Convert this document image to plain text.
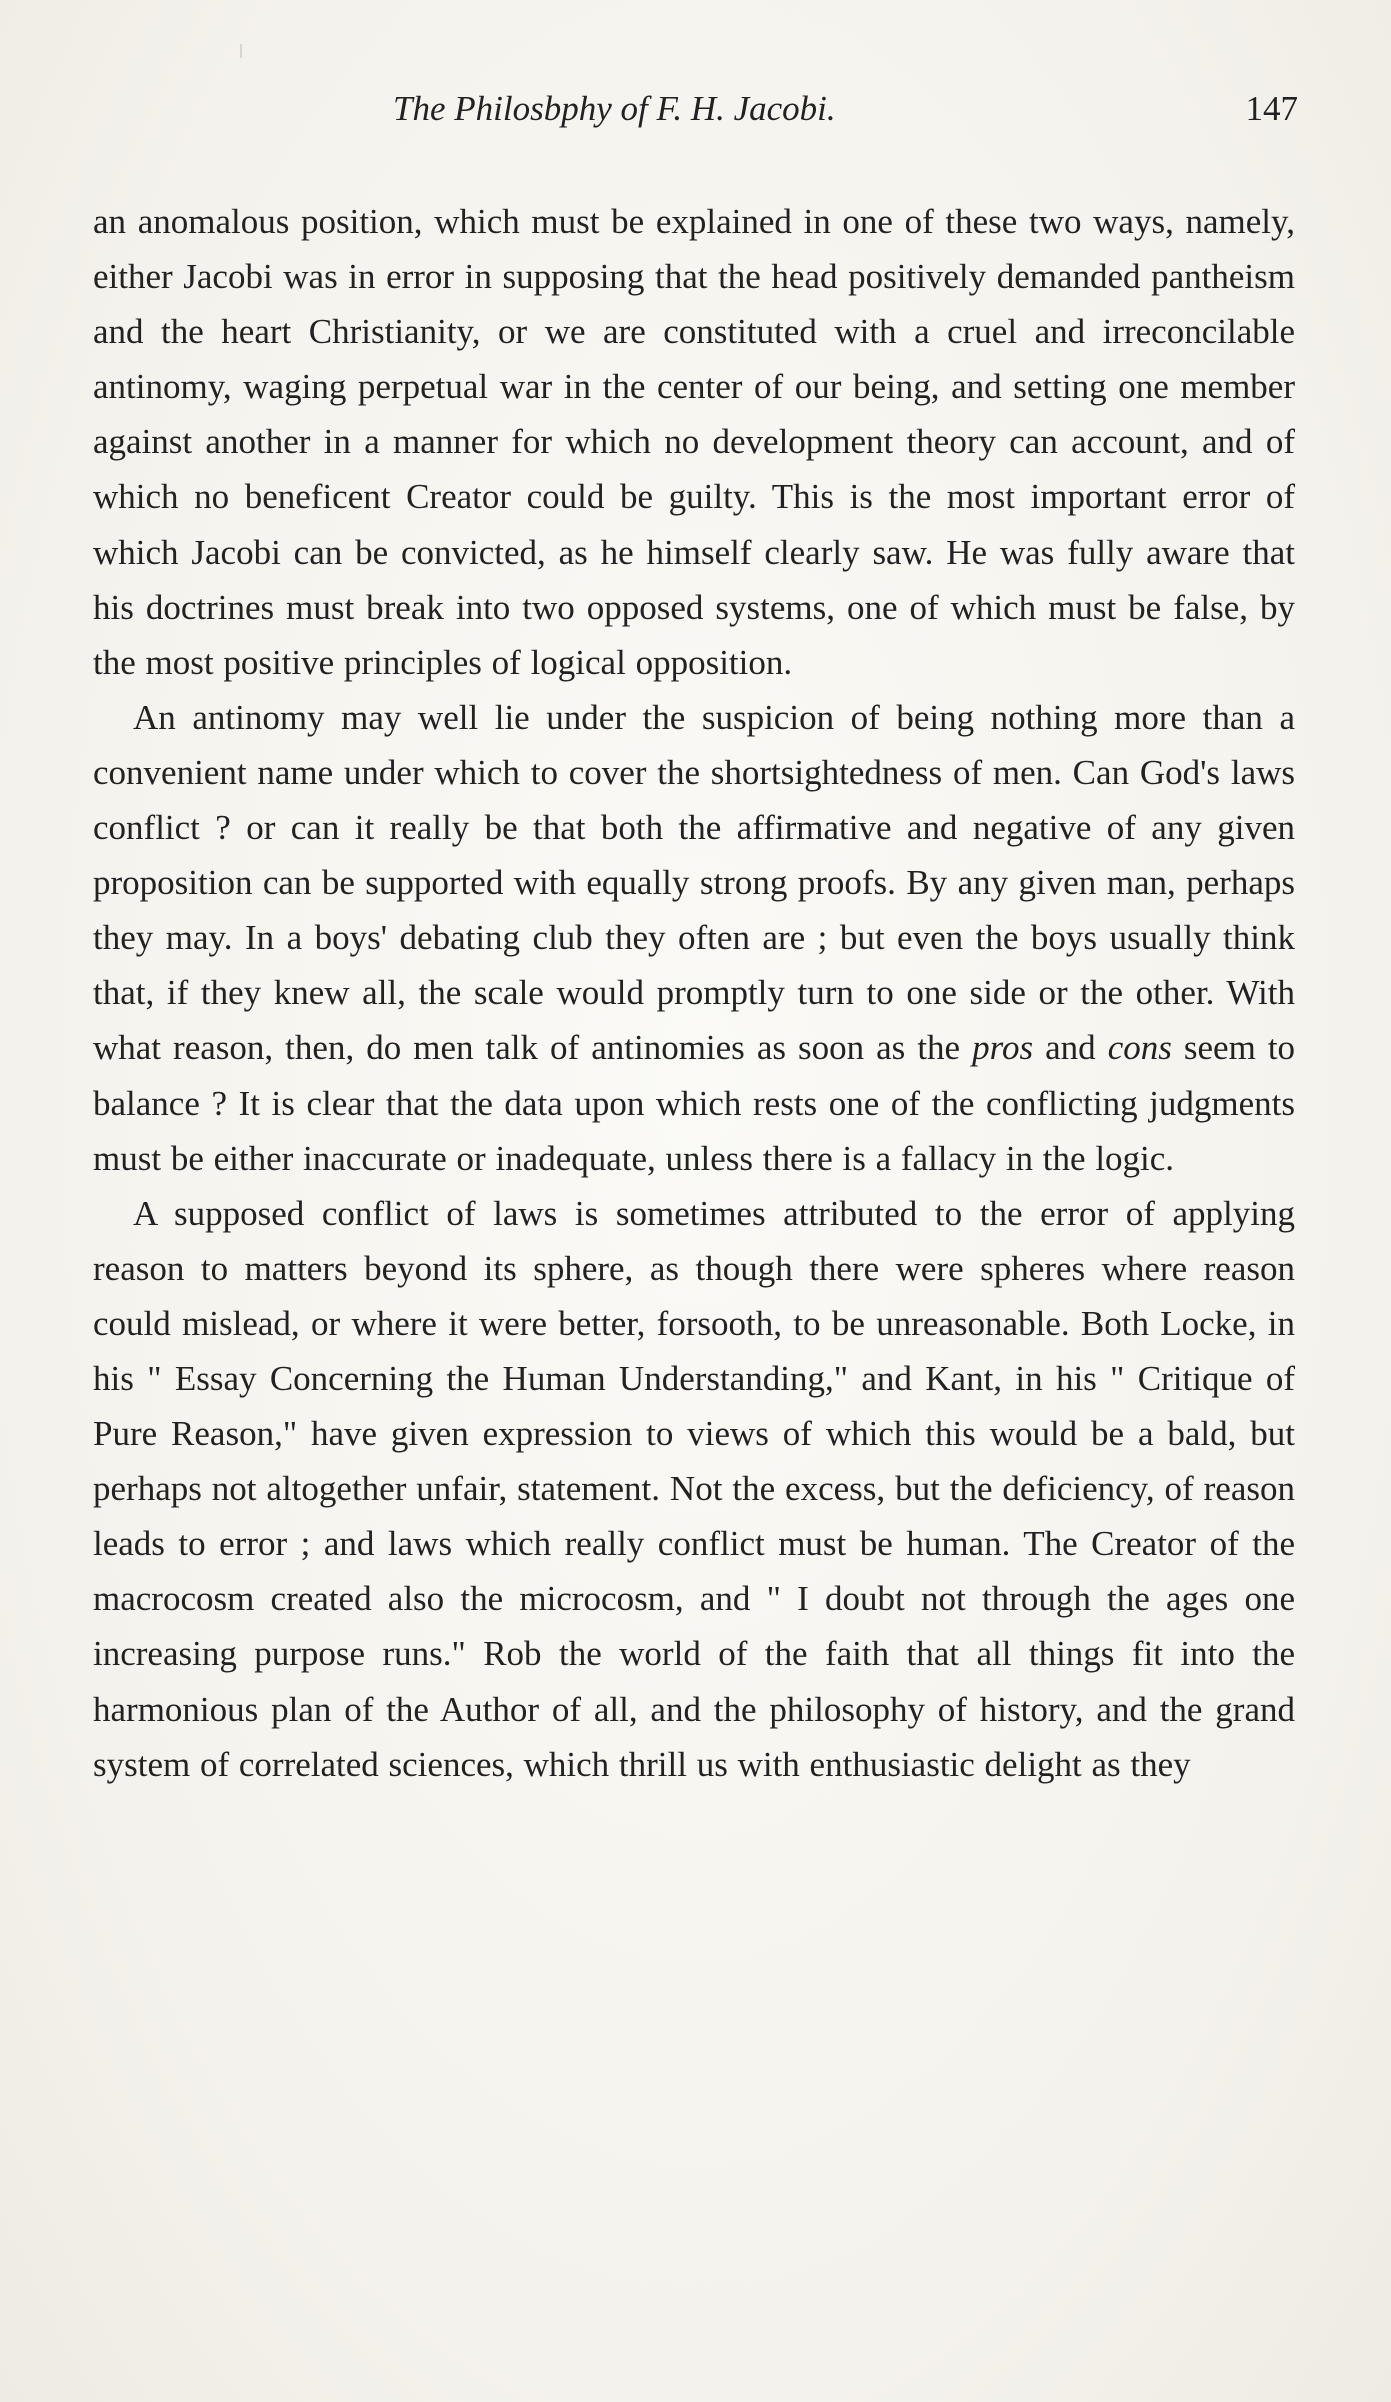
The Philosbphy of F. H. Jacobi.	147

an anomalous position, which must be explained in one of these two ways, namely, either Jacobi was in error in supposing that the head positively demanded pantheism and the heart Christianity, or we are constituted with a cruel and irreconcilable antinomy, waging perpetual war in the center of our being, and setting one member against another in a manner for which no development theory can account, and of which no beneficent Creator could be guilty. This is the most important error of which Jacobi can be convicted, as he himself clearly saw. He was fully aware that his doctrines must break into two opposed systems, one of which must be false, by the most positive principles of logical opposition.

An antinomy may well lie under the suspicion of being nothing more than a convenient name under which to cover the shortsightedness of men. Can God's laws conflict ? or can it really be that both the affirmative and negative of any given proposition can be supported with equally strong proofs. By any given man, perhaps they may. In a boys' debating club they often are ; but even the boys usually think that, if they knew all, the scale would promptly turn to one side or the other. With what reason, then, do men talk of antinomies as soon as the pros and cons seem to balance ? It is clear that the data upon which rests one of the conflicting judgments must be either inaccurate or inadequate, unless there is a fallacy in the logic.

A supposed conflict of laws is sometimes attributed to the error of applying reason to matters beyond its sphere, as though there were spheres where reason could mislead, or where it were better, forsooth, to be unreasonable. Both Locke, in his " Essay Concerning the Human Understanding," and Kant, in his " Critique of Pure Reason," have given expression to views of which this would be a bald, but perhaps not altogether unfair, statement. Not the excess, but the deficiency, of reason leads to error ; and laws which really conflict must be human. The Creator of the macrocosm created also the microcosm, and " I doubt not through the ages one increasing purpose runs." Rob the world of the faith that all things fit into the harmonious plan of the Author of all, and the philosophy of history, and the grand system of correlated sciences, which thrill us with enthusiastic delight as they
